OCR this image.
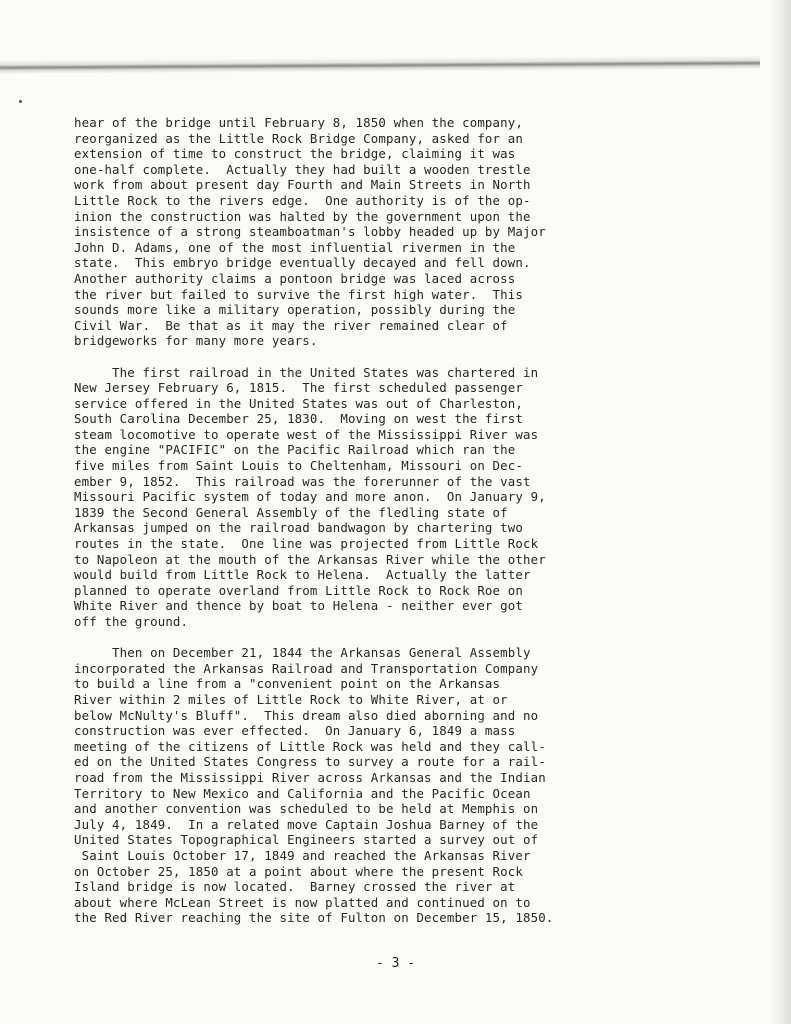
hear of the bridge until February 8, 1850 when the company,
reorganized as the Little Rock Bridge Company, asked for an
extension of time to construct the bridge, claiming it was
one-half complete.  Actually they had built a wooden trestle
work from about present day Fourth and Main Streets in North
Little Rock to the rivers edge.  One authority is of the op-
inion the construction was halted by the government upon the
insistence of a strong steamboatman's lobby headed up by Major
John D. Adams, one of the most influential rivermen in the
state.  This embryo bridge eventually decayed and fell down.
Another authority claims a pontoon bridge was laced across
the river but failed to survive the first high water.  This
sounds more like a military operation, possibly during the
Civil War.  Be that as it may the river remained clear of
bridgeworks for many more years.
The first railroad in the United States was chartered in
New Jersey February 6, 1815.  The first scheduled passenger
service offered in the United States was out of Charleston,
South Carolina December 25, 1830.  Moving on west the first
steam locomotive to operate west of the Mississippi River was
the engine "PACIFIC" on the Pacific Railroad which ran the
five miles from Saint Louis to Cheltenham, Missouri on Dec-
ember 9, 1852.  This railroad was the forerunner of the vast
Missouri Pacific system of today and more anon.  On January 9,
1839 the Second General Assembly of the fledling state of
Arkansas jumped on the railroad bandwagon by chartering two
routes in the state.  One line was projected from Little Rock
to Napoleon at the mouth of the Arkansas River while the other
would build from Little Rock to Helena.  Actually the latter
planned to operate overland from Little Rock to Rock Roe on
White River and thence by boat to Helena - neither ever got
off the ground.
Then on December 21, 1844 the Arkansas General Assembly
incorporated the Arkansas Railroad and Transportation Company
to build a line from a "convenient point on the Arkansas
River within 2 miles of Little Rock to White River, at or
below McNulty's Bluff".  This dream also died aborning and no
construction was ever effected.  On January 6, 1849 a mass
meeting of the citizens of Little Rock was held and they call-
ed on the United States Congress to survey a route for a rail-
road from the Mississippi River across Arkansas and the Indian
Territory to New Mexico and California and the Pacific Ocean
and another convention was scheduled to be held at Memphis on
July 4, 1849.  In a related move Captain Joshua Barney of the
United States Topographical Engineers started a survey out of
Saint Louis October 17, 1849 and reached the Arkansas River
on October 25, 1850 at a point about where the present Rock
Island bridge is now located.  Barney crossed the river at
about where McLean Street is now platted and continued on to
the Red River reaching the site of Fulton on December 15, 1850.
- 3 -
